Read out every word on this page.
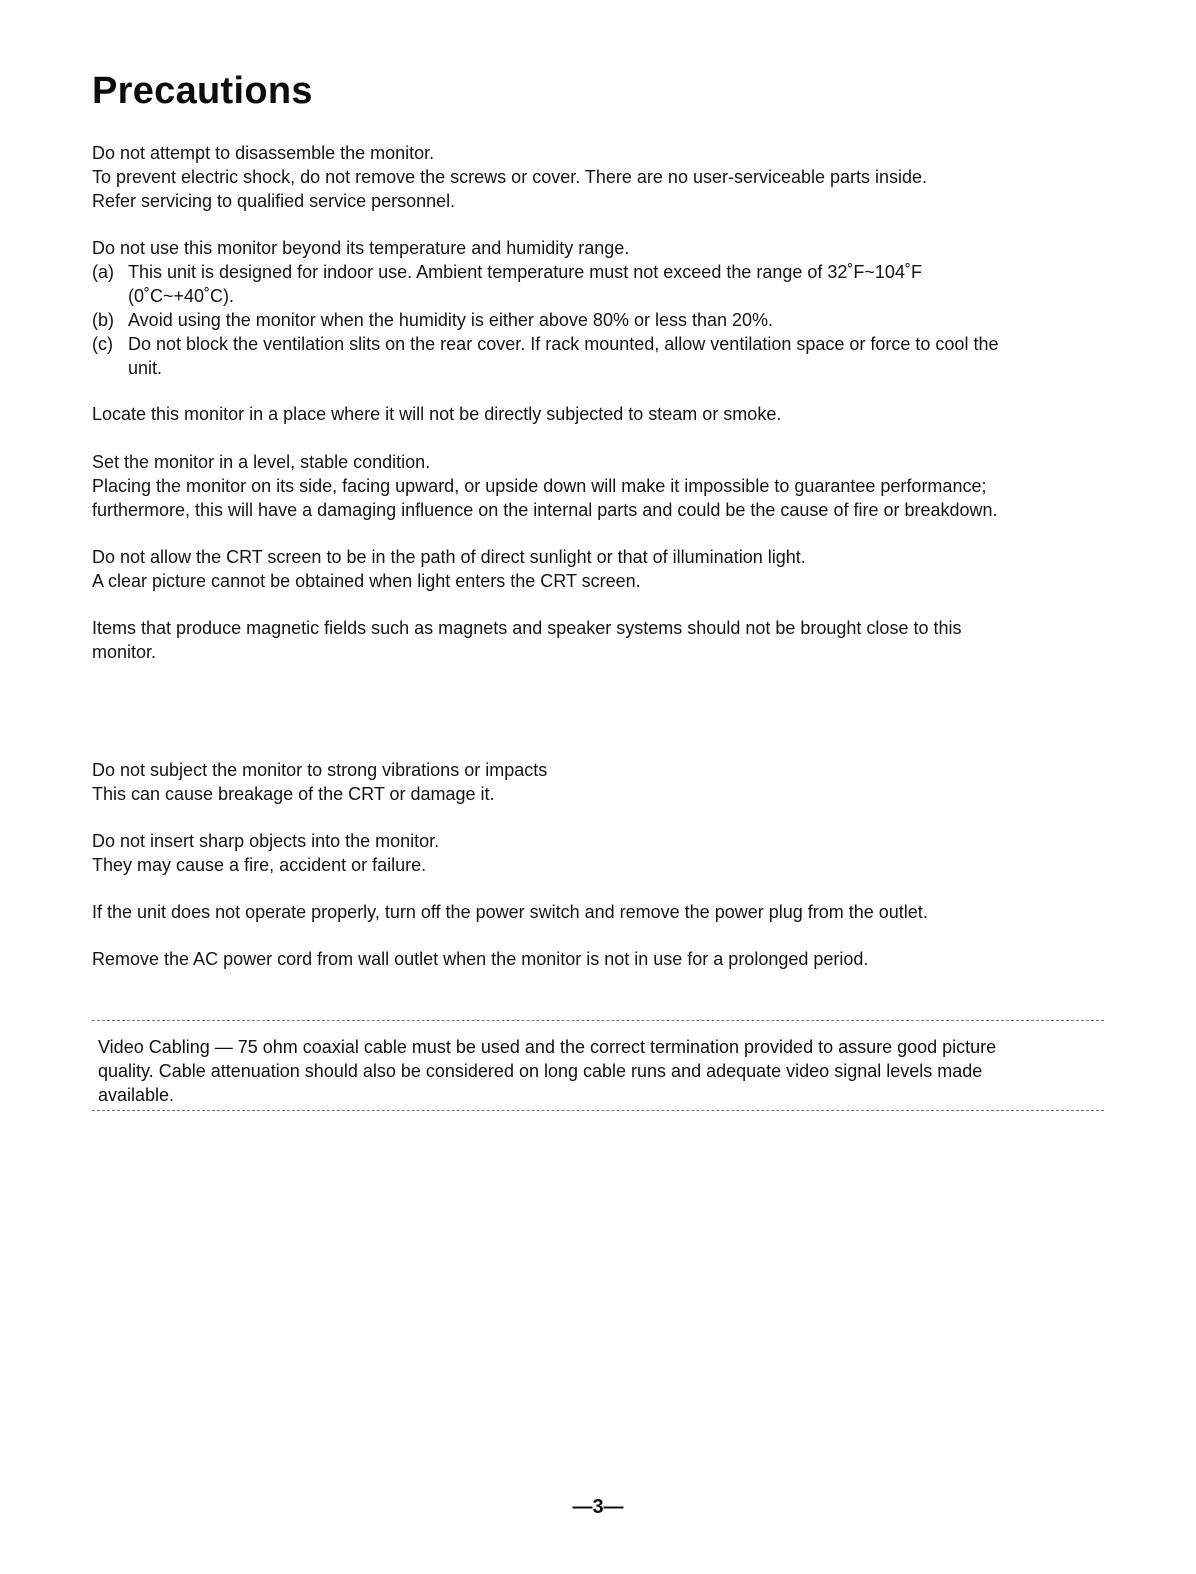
Precautions

Do not attempt to disassemble the monitor.

To prevent electric shock, do not remove the screws or cover. There are no user-serviceable parts inside.

Refer servicing to qualified service personnel.

Do not use this monitor beyond its temperature and humidity range.

(a) This unit is designed for indoor use. Ambient temperature must not exceed the range of 32˚F~104˚F

(0˚C~+40˚C).

(b) Avoid using the monitor when the humidity is either above 80% or less than 20%.

(c) Do not block the ventilation slits on the rear cover. If rack mounted, allow ventilation space or force to cool the

unit.

Locate this monitor in a place where it will not be directly subjected to steam or smoke.

Set the monitor in a level, stable condition.

Placing the monitor on its side, facing upward, or upside down will make it impossible to guarantee performance;

furthermore, this will have a damaging influence on the internal parts and could be the cause of fire or breakdown.

Do not allow the CRT screen to be in the path of direct sunlight or that of illumination light.

A clear picture cannot be obtained when light enters the CRT screen.

Items that produce magnetic fields such as magnets and speaker systems should not be brought close to this

monitor.

Do not subject the monitor to strong vibrations or impacts

This can cause breakage of the CRT or damage it.

Do not insert sharp objects into the monitor.

They may cause a fire, accident or failure.

If the unit does not operate properly, turn off the power switch and remove the power plug from the outlet.

Remove the AC power cord from wall outlet when the monitor is not in use for a prolonged period.

Video Cabling — 75 ohm coaxial cable must be used and the correct termination provided to assure good picture

quality. Cable attenuation should also be considered on long cable runs and adequate video signal levels made

available.

—3—
